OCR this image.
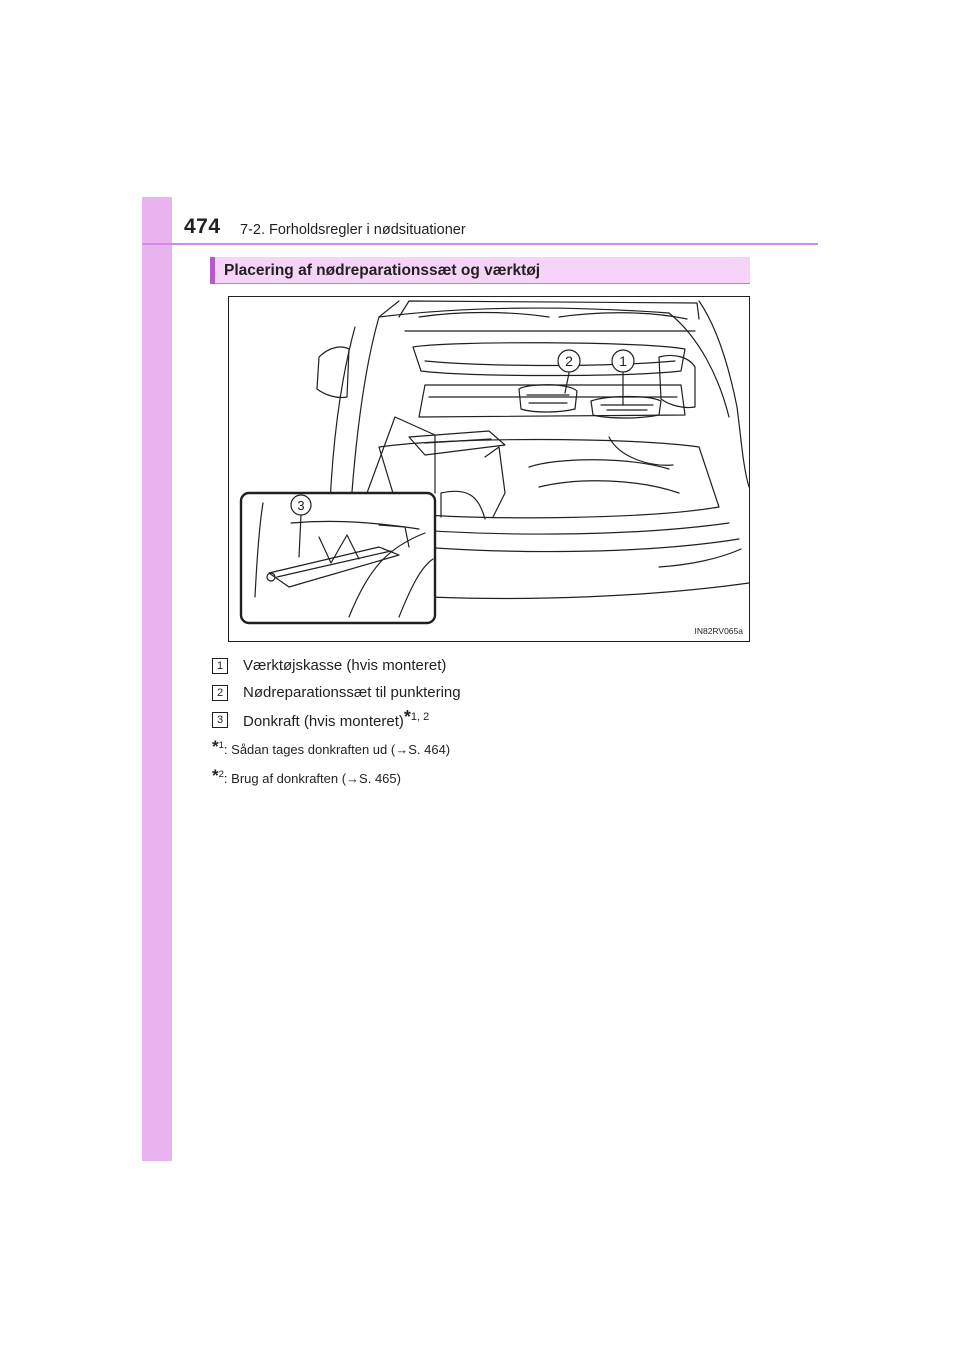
474 7-2. Forholdsregler i nødsituationer
Placering af nødreparationssæt og værktøj
1
2
3
IN82RV065a
1	Værktøjskasse (hvis monteret)
2	Nødreparationssæt til punktering
3	Donkraft (hvis monteret)*$^{1, 2}$
*$^1$: Sådan tages donkraften ud (→S. 464)
*$^2$: Brug af donkraften (→S. 465)
